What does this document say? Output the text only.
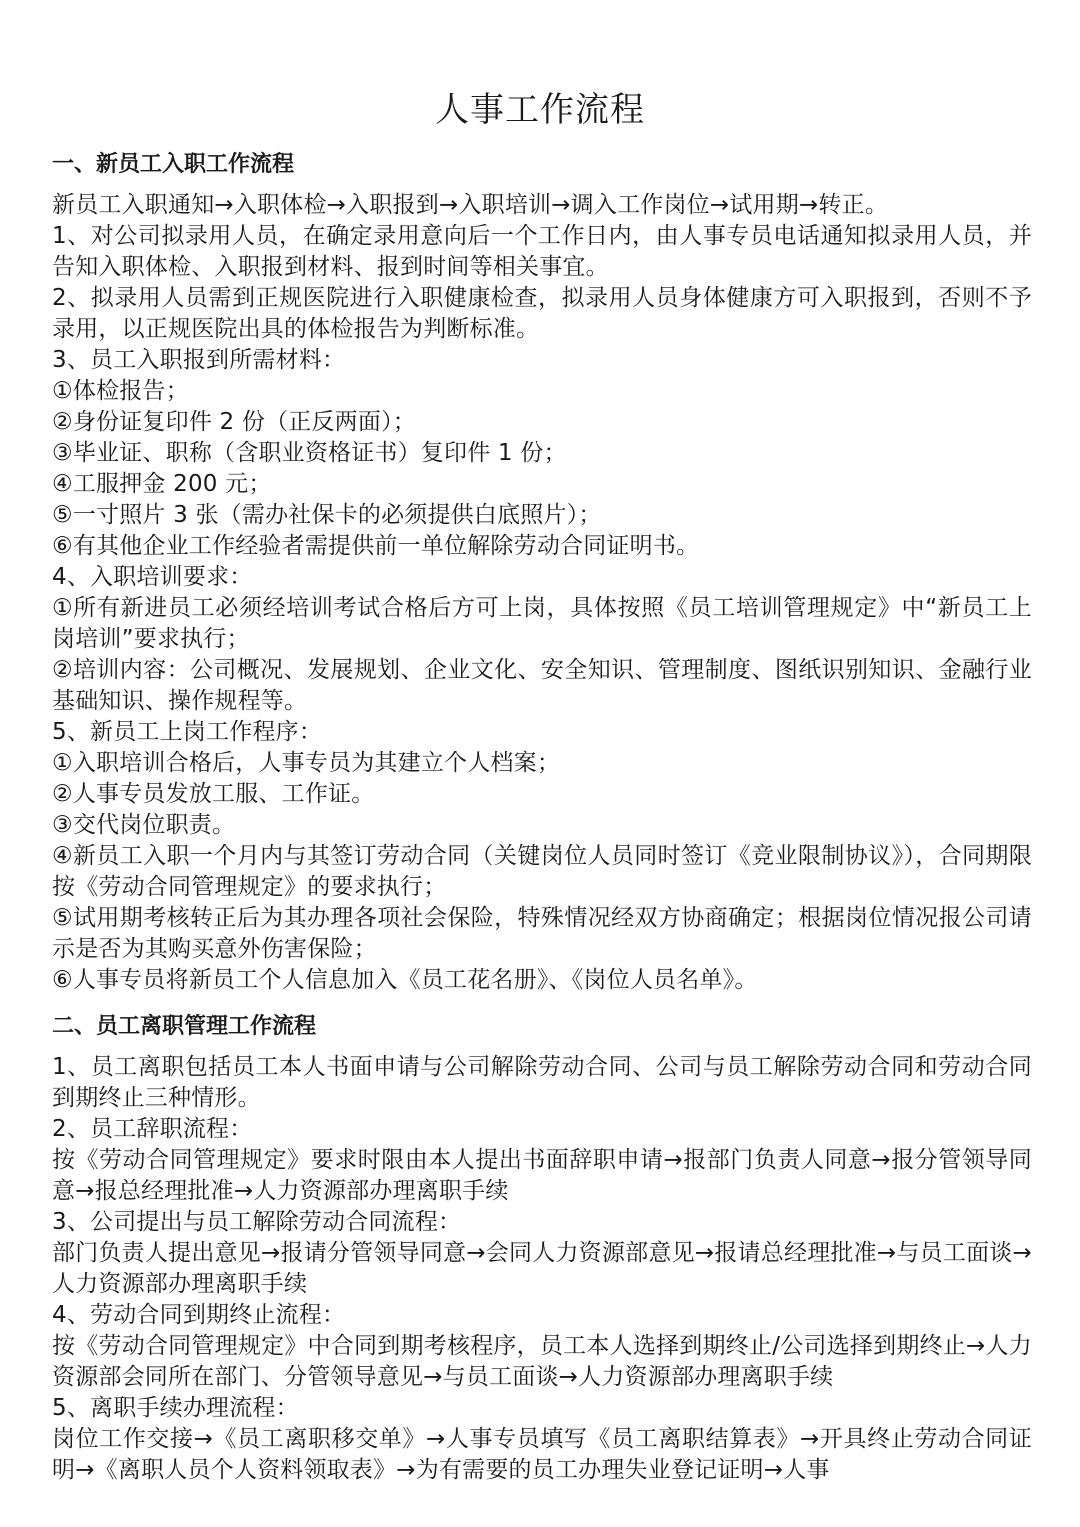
人事工作流程
一、新员工入职工作流程

新员工入职通知→入职体检→入职报到→入职培训→调入工作岗位→试用期→转正。

1、对公司拟录用人员，在确定录用意向后一个工作日内，由人事专员电话通知拟录用人员，并告知入职体检、入职报到材料、报到时间等相关事宜。

2、拟录用人员需到正规医院进行入职健康检查，拟录用人员身体健康方可入职报到，否则不予录用，以正规医院出具的体检报告为判断标准。

3、员工入职报到所需材料：

①体检报告；

②身份证复印件 2 份（正反两面）；

③毕业证、职称（含职业资格证书）复印件 1 份；

④工服押金 200 元；

⑤一寸照片 3 张（需办社保卡的必须提供白底照片）；

⑥有其他企业工作经验者需提供前一单位解除劳动合同证明书。

4、入职培训要求：

①所有新进员工必须经培训考试合格后方可上岗，具体按照《员工培训管理规定》中“新员工上岗培训”要求执行；

②培训内容：公司概况、发展规划、企业文化、安全知识、管理制度、图纸识别知识、金融行业基础知识、操作规程等。

5、新员工上岗工作程序：

①入职培训合格后，人事专员为其建立个人档案；

②人事专员发放工服、工作证。

③交代岗位职责。

④新员工入职一个月内与其签订劳动合同（关键岗位人员同时签订《竞业限制协议》），合同期限按《劳动合同管理规定》的要求执行；

⑤试用期考核转正后为其办理各项社会保险，特殊情况经双方协商确定；根据岗位情况报公司请示是否为其购买意外伤害保险；

⑥人事专员将新员工个人信息加入《员工花名册》、《岗位人员名单》。

二、员工离职管理工作流程

1、员工离职包括员工本人书面申请与公司解除劳动合同、公司与员工解除劳动合同和劳动合同到期终止三种情形。

2、员工辞职流程：

按《劳动合同管理规定》要求时限由本人提出书面辞职申请→报部门负责人同意→报分管领导同意→报总经理批准→人力资源部办理离职手续

3、公司提出与员工解除劳动合同流程：

部门负责人提出意见→报请分管领导同意→会同人力资源部意见→报请总经理批准→与员工面谈→人力资源部办理离职手续

4、劳动合同到期终止流程：

按《劳动合同管理规定》中合同到期考核程序，员工本人选择到期终止/公司选择到期终止→人力资源部会同所在部门、分管领导意见→与员工面谈→人力资源部办理离职手续

5、离职手续办理流程：

岗位工作交接→《员工离职移交单》→人事专员填写《员工离职结算表》→开具终止劳动合同证明→《离职人员个人资料领取表》→为有需要的员工办理失业登记证明→人事
